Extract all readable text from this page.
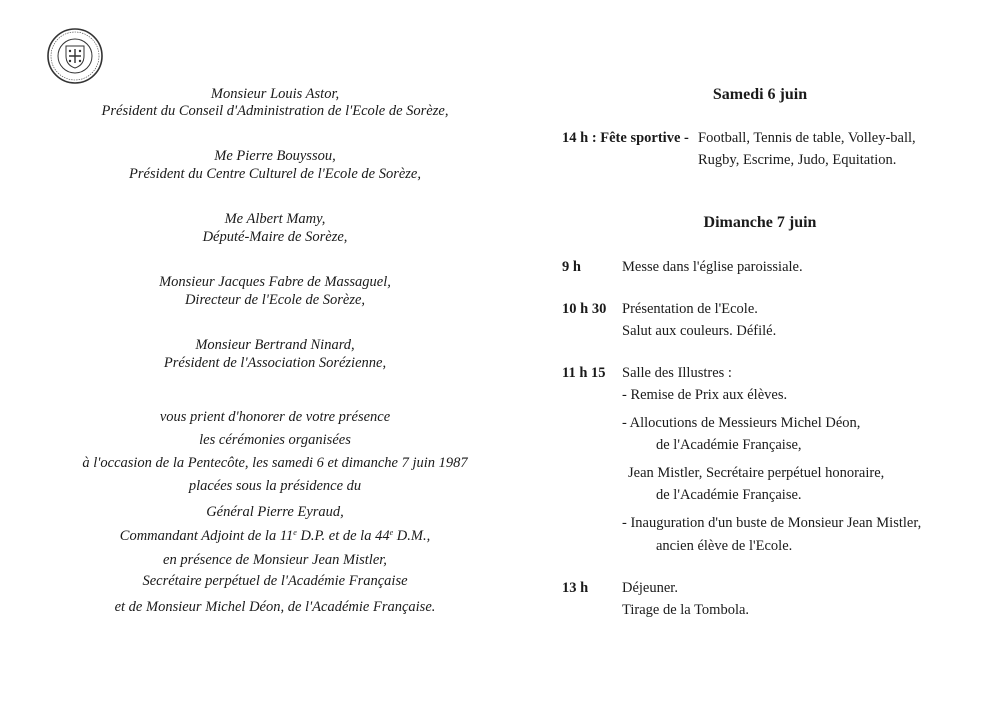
Monsieur Louis Astor,
Président du Conseil d'Administration de l'Ecole de Sorèze,
Me Pierre Bouyssou,
Président du Centre Culturel de l'Ecole de Sorèze,
Me Albert Mamy,
Député-Maire de Sorèze,
Monsieur Jacques Fabre de Massaguel,
Directeur de l'Ecole de Sorèze,
Monsieur Bertrand Ninard,
Président de l'Association Sorézienne,
vous prient d'honorer de votre présence
les cérémonies organisées
à l'occasion de la Pentecôte, les samedi 6 et dimanche 7 juin 1987
placées sous la présidence du
Général Pierre Eyraud,
Commandant Adjoint de la 11e D.P. et de la 44e D.M.,
en présence de Monsieur Jean Mistler,
Secrétaire perpétuel de l'Académie Française
et de Monsieur Michel Déon, de l'Académie Française.
Samedi 6 juin
14 h : Fête sportive - Football, Tennis de table, Volley-ball,
Rugby, Escrime, Judo, Equitation.
Dimanche 7 juin
9 h	Messe dans l'église paroissiale.
10 h 30 Présentation de l'Ecole.
Salut aux couleurs. Défilé.
11 h 15 Salle des Illustres :
- Remise de Prix aux élèves.
- Allocutions de Messieurs Michel Déon,
de l'Académie Française,
Jean Mistler, Secrétaire perpétuel honoraire,
de l'Académie Française.
- Inauguration d'un buste de Monsieur Jean Mistler,
ancien élève de l'Ecole.
13 h Déjeuner.
Tirage de la Tombola.
